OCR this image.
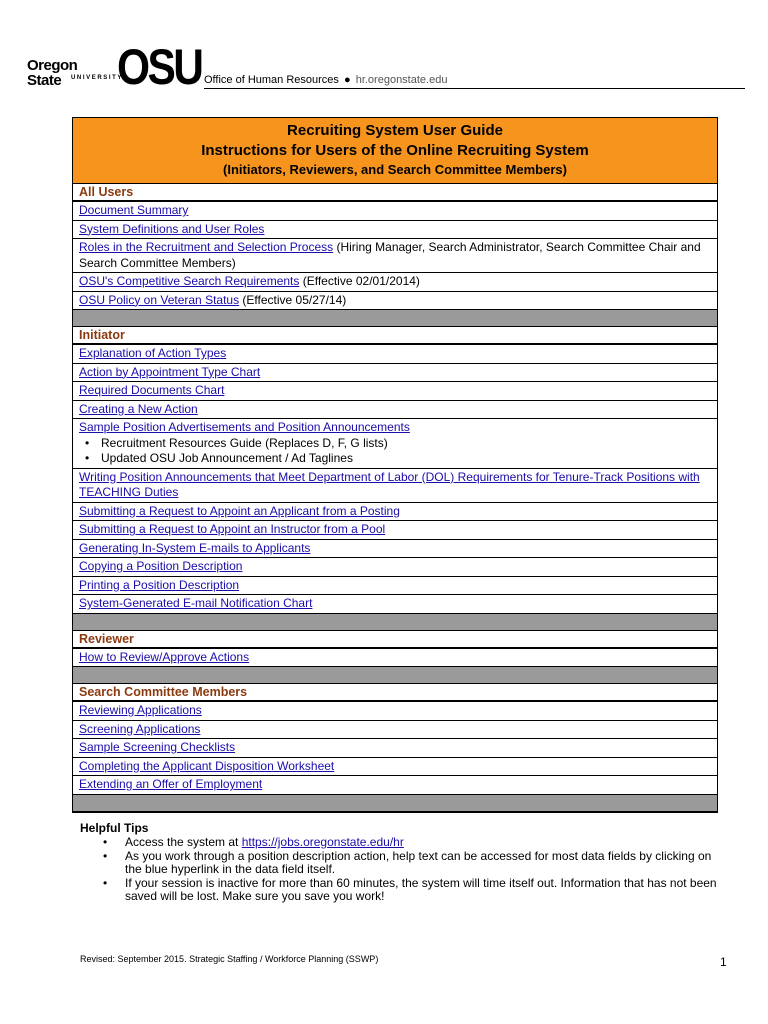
Oregon State	UNIVERSITY
OSU Office of Human Resources ● hr.oregonstate.edu
Recruiting System User Guide
Instructions for Users of the Online Recruiting System
(Initiators, Reviewers, and Search Committee Members)
All Users
Document Summary
System Definitions and User Roles
Roles in the Recruitment and Selection Process (Hiring Manager, Search Administrator, Search Committee Chair and Search Committee Members)
OSU's Competitive Search Requirements (Effective 02/01/2014)
OSU Policy on Veteran Status (Effective 05/27/14)
Initiator
Explanation of Action Types
Action by Appointment Type Chart
Required Documents Chart
Creating a New Action
Sample Position Advertisements and Position Announcements
• Recruitment Resources Guide (Replaces D, F, G lists)
• Updated OSU Job Announcement / Ad Taglines
Writing Position Announcements that Meet Department of Labor (DOL) Requirements for Tenure-Track Positions with TEACHING Duties
Submitting a Request to Appoint an Applicant from a Posting
Submitting a Request to Appoint an Instructor from a Pool
Generating In-System E-mails to Applicants
Copying a Position Description
Printing a Position Description
System-Generated E-mail Notification Chart
Reviewer
How to Review/Approve Actions
Search Committee Members
Reviewing Applications
Screening Applications
Sample Screening Checklists
Completing the Applicant Disposition Worksheet
Extending an Offer of Employment
Helpful Tips
• Access the system at https://jobs.oregonstate.edu/hr
• As you work through a position description action, help text can be accessed for most data fields by clicking on the blue hyperlink in the data field itself.
• If your session is inactive for more than 60 minutes, the system will time itself out. Information that has not been saved will be lost. Make sure you save you work!
Revised: September 2015. Strategic Staffing / Workforce Planning (SSWP)	1
